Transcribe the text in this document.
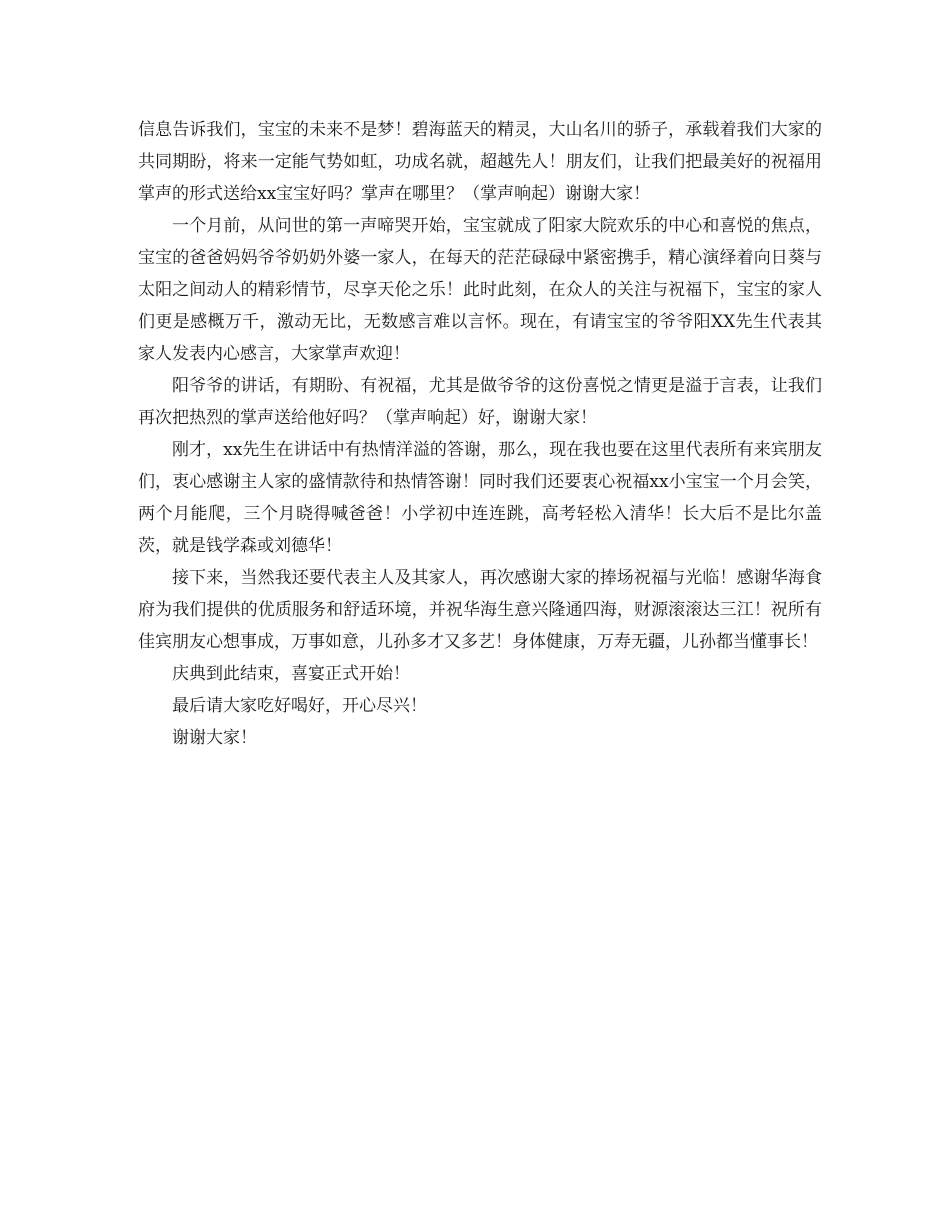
信息告诉我们，宝宝的未来不是梦！碧海蓝天的精灵，大山名川的骄子，承载着我们大家的共同期盼，将来一定能气势如虹，功成名就，超越先人！朋友们，让我们把最美好的祝福用掌声的形式送给xx宝宝好吗？掌声在哪里？（掌声响起）谢谢大家！

一个月前，从问世的第一声啼哭开始，宝宝就成了阳家大院欢乐的中心和喜悦的焦点，宝宝的爸爸妈妈爷爷奶奶外婆一家人，在每天的茫茫碌碌中紧密携手，精心演绎着向日葵与太阳之间动人的精彩情节，尽享天伦之乐！此时此刻，在众人的关注与祝福下，宝宝的家人们更是感概万千，激动无比，无数感言难以言怀。现在，有请宝宝的爷爷阳XX先生代表其家人发表内心感言，大家掌声欢迎！

阳爷爷的讲话，有期盼、有祝福，尤其是做爷爷的这份喜悦之情更是溢于言表，让我们再次把热烈的掌声送给他好吗？（掌声响起）好，谢谢大家！

刚才，xx先生在讲话中有热情洋溢的答谢，那么，现在我也要在这里代表所有来宾朋友们，衷心感谢主人家的盛情款待和热情答谢！同时我们还要衷心祝福xx小宝宝一个月会笑，两个月能爬，三个月晓得喊爸爸！小学初中连连跳，高考轻松入清华！长大后不是比尔盖茨，就是钱学森或刘德华！

接下来，当然我还要代表主人及其家人，再次感谢大家的捧场祝福与光临！感谢华海食府为我们提供的优质服务和舒适环境，并祝华海生意兴隆通四海，财源滚滚达三江！祝所有佳宾朋友心想事成，万事如意，儿孙多才又多艺！身体健康，万寿无疆，儿孙都当懂事长！

庆典到此结束，喜宴正式开始！

最后请大家吃好喝好，开心尽兴！

谢谢大家！
